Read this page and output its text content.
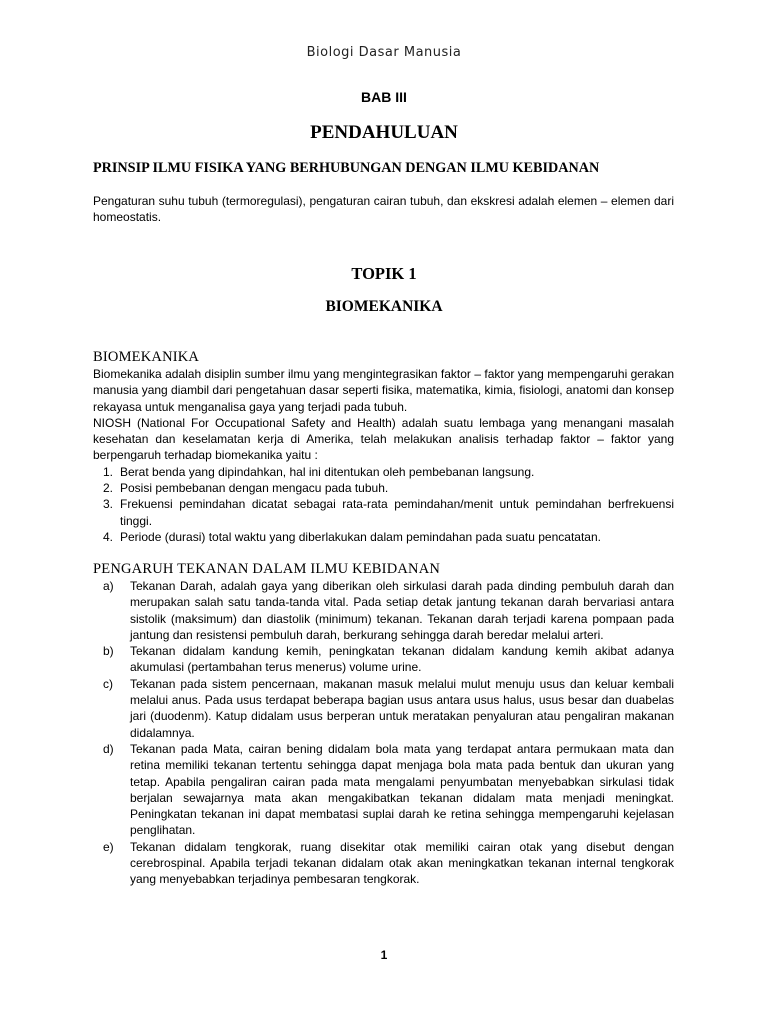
Biologi Dasar Manusia
BAB III
PENDAHULUAN
PRINSIP ILMU FISIKA YANG BERHUBUNGAN DENGAN ILMU KEBIDANAN
Pengaturan suhu tubuh (termoregulasi), pengaturan cairan tubuh, dan ekskresi adalah elemen – elemen dari homeostatis.
TOPIK 1
BIOMEKANIKA
BIOMEKANIKA

Biomekanika adalah disiplin sumber ilmu yang mengintegrasikan faktor – faktor yang mempengaruhi gerakan manusia yang diambil dari pengetahuan dasar seperti fisika, matematika, kimia, fisiologi, anatomi dan konsep rekayasa untuk menganalisa gaya yang terjadi pada tubuh.

NIOSH (National For Occupational Safety and Health) adalah suatu lembaga yang menangani masalah kesehatan dan keselamatan kerja di Amerika, telah melakukan analisis terhadap faktor – faktor yang berpengaruh terhadap biomekanika yaitu :

1. Berat benda yang dipindahkan, hal ini ditentukan oleh pembebanan langsung.
2. Posisi pembebanan dengan mengacu pada tubuh.
3. Frekuensi pemindahan dicatat sebagai rata-rata pemindahan/menit untuk pemindahan berfrekuensi tinggi.
4. Periode (durasi) total waktu yang diberlakukan dalam pemindahan pada suatu pencatatan.
PENGARUH TEKANAN DALAM ILMU KEBIDANAN
a) Tekanan Darah, adalah gaya yang diberikan oleh sirkulasi darah pada dinding pembuluh darah dan merupakan salah satu tanda-tanda vital. Pada setiap detak jantung tekanan darah bervariasi antara sistolik (maksimum) dan diastolik (minimum) tekanan. Tekanan darah terjadi karena pompaan pada jantung dan resistensi pembuluh darah, berkurang sehingga darah beredar melalui arteri.
b) Tekanan didalam kandung kemih, peningkatan tekanan didalam kandung kemih akibat adanya akumulasi (pertambahan terus menerus) volume urine.
c) Tekanan pada sistem pencernaan, makanan masuk melalui mulut menuju usus dan keluar kembali melalui anus. Pada usus terdapat beberapa bagian usus antara usus halus, usus besar dan duabelas jari (duodenm). Katup didalam usus berperan untuk meratakan penyaluran atau pengaliran makanan didalamnya.
d) Tekanan pada Mata, cairan bening didalam bola mata yang terdapat antara permukaan mata dan retina memiliki tekanan tertentu sehingga dapat menjaga bola mata pada bentuk dan ukuran yang tetap. Apabila pengaliran cairan pada mata mengalami penyumbatan menyebabkan sirkulasi tidak berjalan sewajarnya mata akan mengakibatkan tekanan didalam mata menjadi meningkat. Peningkatan tekanan ini dapat membatasi suplai darah ke retina sehingga mempengaruhi kejelasan penglihatan.
e) Tekanan didalam tengkorak, ruang disekitar otak memiliki cairan otak yang disebut dengan cerebrospinal. Apabila terjadi tekanan didalam otak akan meningkatkan tekanan internal tengkorak yang menyebabkan terjadinya pembesaran tengkorak.
1
